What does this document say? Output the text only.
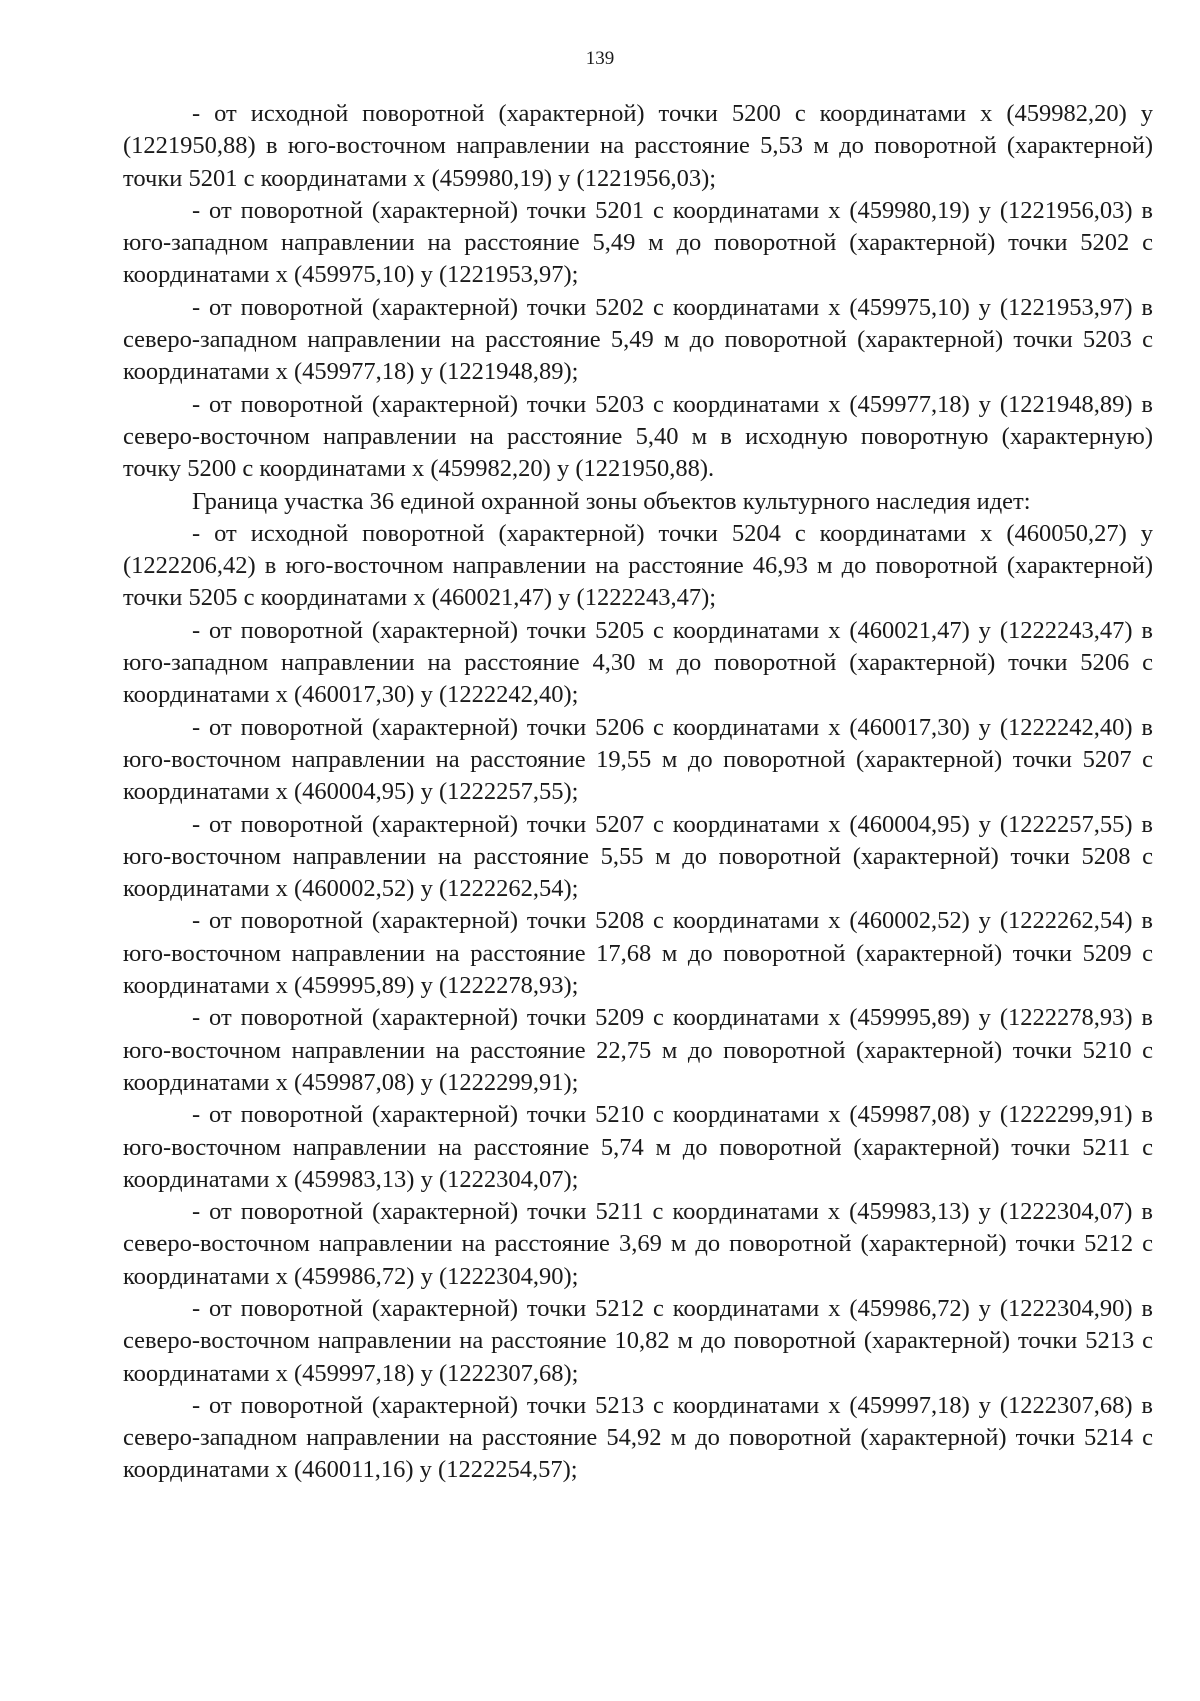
139

- от исходной поворотной (характерной) точки 5200 с координатами x (459982,20) y (1221950,88) в юго-восточном направлении на расстояние 5,53 м до поворотной (характерной) точки 5201 с координатами x (459980,19) y (1221956,03);

- от поворотной (характерной) точки 5201 с координатами x (459980,19) y (1221956,03) в юго-западном направлении на расстояние 5,49 м до поворотной (характерной) точки 5202 с координатами x (459975,10) y (1221953,97);

- от поворотной (характерной) точки 5202 с координатами x (459975,10) y (1221953,97) в северо-западном направлении на расстояние 5,49 м до поворотной (характерной) точки 5203 с координатами x (459977,18) y (1221948,89);

- от поворотной (характерной) точки 5203 с координатами x (459977,18) y (1221948,89) в северо-восточном направлении на расстояние 5,40 м в исходную поворотную (характерную) точку 5200 с координатами x (459982,20) y (1221950,88).

Граница участка 36 единой охранной зоны объектов культурного наследия идет:

- от исходной поворотной (характерной) точки 5204 с координатами x (460050,27) y (1222206,42) в юго-восточном направлении на расстояние 46,93 м до поворотной (характерной) точки 5205 с координатами x (460021,47) y (1222243,47);

- от поворотной (характерной) точки 5205 с координатами x (460021,47) y (1222243,47) в юго-западном направлении на расстояние 4,30 м до поворотной (характерной) точки 5206 с координатами x (460017,30) y (1222242,40);

- от поворотной (характерной) точки 5206 с координатами x (460017,30) y (1222242,40) в юго-восточном направлении на расстояние 19,55 м до поворотной (характерной) точки 5207 с координатами x (460004,95) y (1222257,55);

- от поворотной (характерной) точки 5207 с координатами x (460004,95) y (1222257,55) в юго-восточном направлении на расстояние 5,55 м до поворотной (характерной) точки 5208 с координатами x (460002,52) y (1222262,54);

- от поворотной (характерной) точки 5208 с координатами x (460002,52) y (1222262,54) в юго-восточном направлении на расстояние 17,68 м до поворотной (характерной) точки 5209 с координатами x (459995,89) y (1222278,93);

- от поворотной (характерной) точки 5209 с координатами x (459995,89) y (1222278,93) в юго-восточном направлении на расстояние 22,75 м до поворотной (характерной) точки 5210 с координатами x (459987,08) y (1222299,91);

- от поворотной (характерной) точки 5210 с координатами x (459987,08) y (1222299,91) в юго-восточном направлении на расстояние 5,74 м до поворотной (характерной) точки 5211 с координатами x (459983,13) y (1222304,07);

- от поворотной (характерной) точки 5211 с координатами x (459983,13) y (1222304,07) в северо-восточном направлении на расстояние 3,69 м до поворотной (характерной) точки 5212 с координатами x (459986,72) y (1222304,90);

- от поворотной (характерной) точки 5212 с координатами x (459986,72) y (1222304,90) в северо-восточном направлении на расстояние 10,82 м до поворотной (характерной) точки 5213 с координатами x (459997,18) y (1222307,68);

- от поворотной (характерной) точки 5213 с координатами x (459997,18) y (1222307,68) в северо-западном направлении на расстояние 54,92 м до поворотной (характерной) точки 5214 с координатами x (460011,16) y (1222254,57);
